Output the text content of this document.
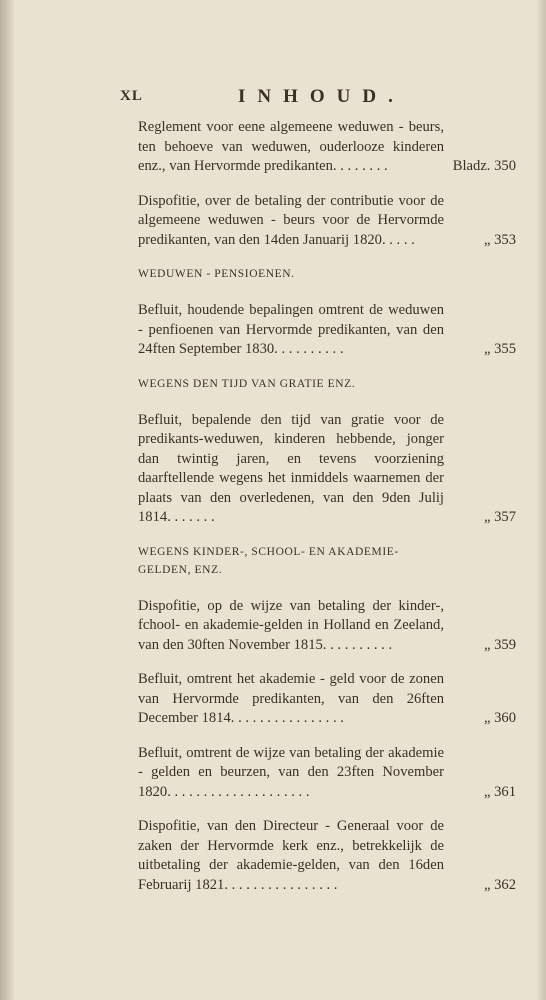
XL	INHOUD.
Reglement voor eene algemeene weduwen - beurs, ten behoeve van weduwen, ouderlooze kinderen enz., van Hervormde predikanten. . . . . . . .	Bladz. 350
Dispofitie, over de betaling der contributie voor de algemeene weduwen - beurs voor de Hervormde predikanten, van den 14den Januarij 1820. . . . .	„ 353
WEDUWEN - PENSIOENEN.
Befluit, houdende bepalingen omtrent de weduwen - penfioenen van Hervormde predikanten, van den 24ften September 1830. . . . . . . . . .	„ 355
WEGENS DEN TIJD VAN GRATIE ENZ.
Befluit, bepalende den tijd van gratie voor de predikants-weduwen, kinderen hebbende, jonger dan twintig jaren, en tevens voorziening daarftellende wegens het inmiddels waarnemen der plaats van den overledenen, van den 9den Julij 1814. . . . . . .	„ 357
WEGENS KINDER-, SCHOOL- EN AKADEMIE-GELDEN, ENZ.
Dispofitie, op de wijze van betaling der kinder-, fchool- en akademie-gelden in Holland en Zeeland, van den 30ften November 1815. . . . . . . . . .	„ 359
Befluit, omtrent het akademie - geld voor de zonen van Hervormde predikanten, van den 26ften December 1814. . . . . . . . . . . . . . . .	„ 360
Befluit, omtrent de wijze van betaling der akademie - gelden en beurzen, van den 23ften November 1820. . . . . . . . . . . . . . . . . . . .	„ 361
Dispofitie, van den Directeur - Generaal voor de zaken der Hervormde kerk enz., betrekkelijk de uitbetaling der akademie-gelden, van den 16den Februarij 1821. . . . . . . . . . . . . . . .	„ 362
